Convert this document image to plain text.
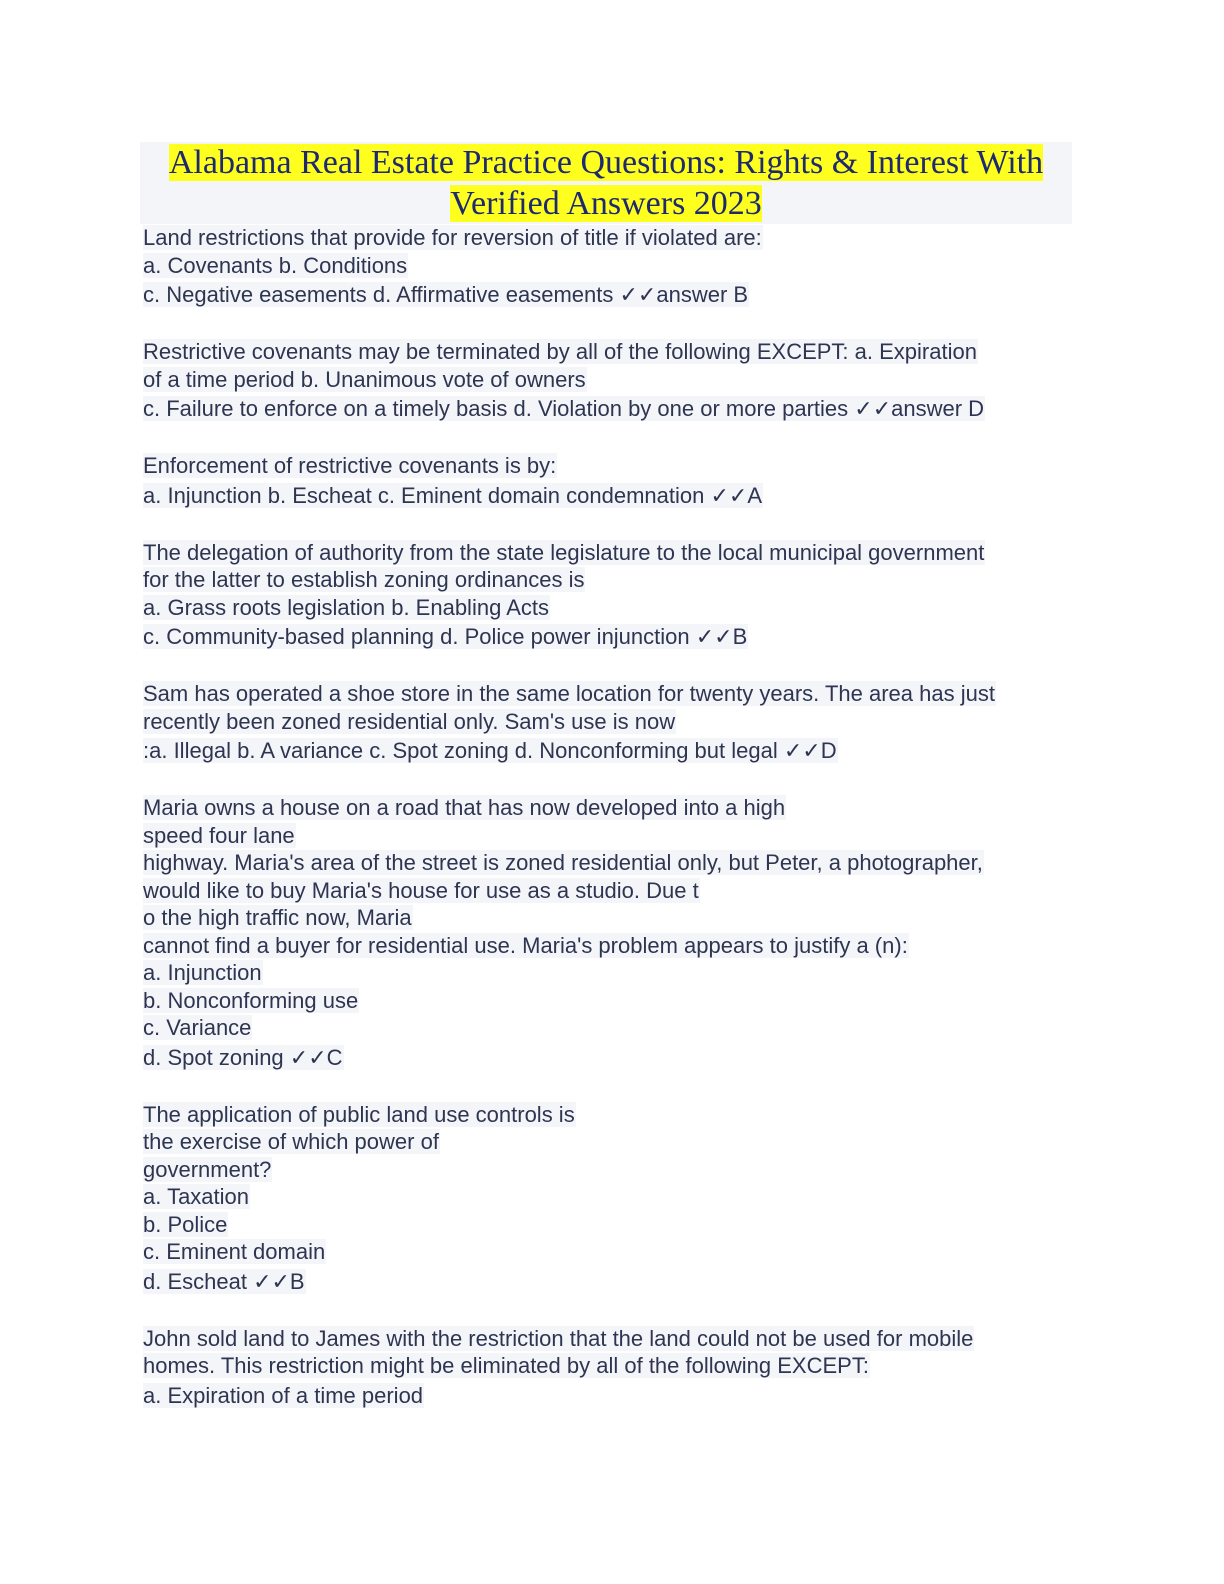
Alabama Real Estate Practice Questions: Rights & Interest With
Verified Answers 2023
Land restrictions that provide for reversion of title if violated are:
a. Covenants b. Conditions
c. Negative easements d. Affirmative easements ✓✓answer B
Restrictive covenants may be terminated by all of the following EXCEPT: a. Expiration
of a time period b. Unanimous vote of owners
c. Failure to enforce on a timely basis d. Violation by one or more parties ✓✓answer D
Enforcement of restrictive covenants is by:
a. Injunction b. Escheat c. Eminent domain condemnation ✓✓A
The delegation of authority from the state legislature to the local municipal government
for the latter to establish zoning ordinances is
a. Grass roots legislation b. Enabling Acts
c. Community-based planning d. Police power injunction ✓✓B
Sam has operated a shoe store in the same location for twenty years. The area has just
recently been zoned residential only. Sam's use is now
:a. Illegal b. A variance c. Spot zoning d. Nonconforming but legal ✓✓D
Maria owns a house on a road that has now developed into a high
speed four lane
highway. Maria's area of the street is zoned residential only, but Peter, a photographer,
would like to buy Maria's house for use as a studio. Due t
o the high traffic now, Maria
cannot find a buyer for residential use. Maria's problem appears to justify a (n):
a. Injunction
b. Nonconforming use
c. Variance
d. Spot zoning ✓✓C
The application of public land use controls is
the exercise of which power of
government?
a. Taxation
b. Police
c. Eminent domain
d. Escheat ✓✓B
John sold land to James with the restriction that the land could not be used for mobile
homes. This restriction might be eliminated by all of the following EXCEPT:
a. Expiration of a time period
